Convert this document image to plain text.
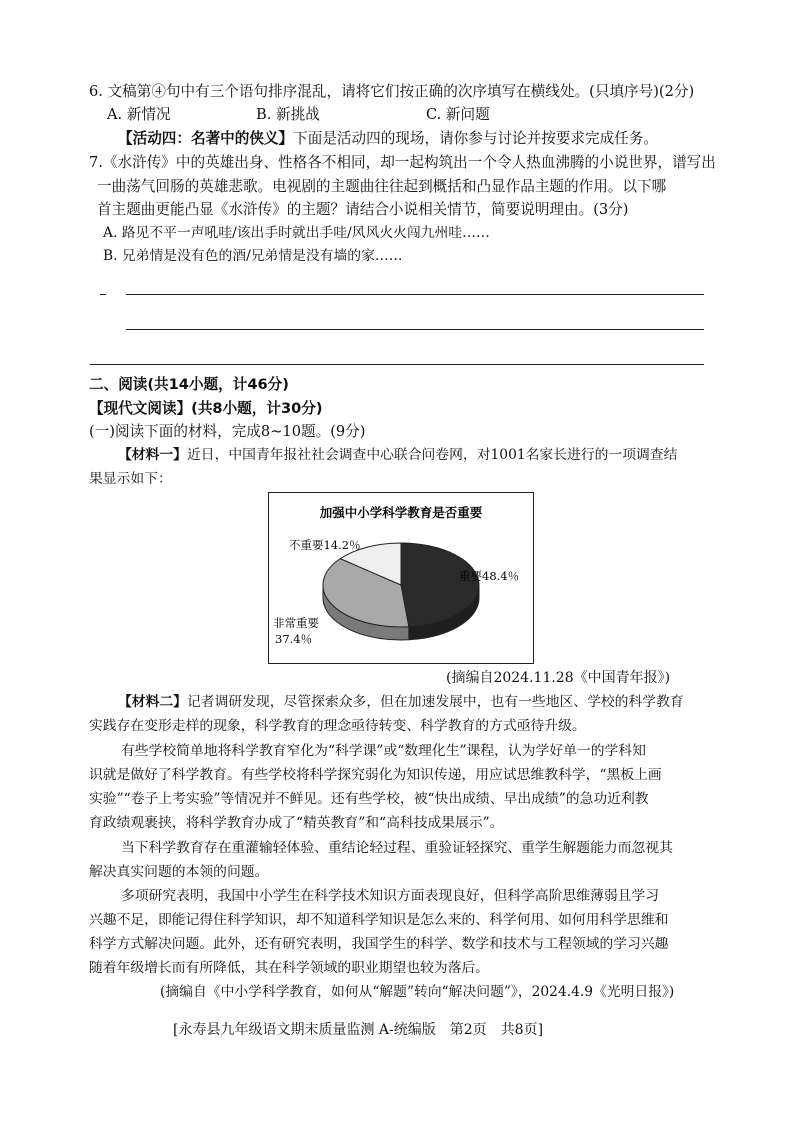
6. 文稿第④句中有三个语句排序混乱，请将它们按正确的次序填写在横线处。(只填序号)(2分)
A. 新情况	B. 新挑战	C. 新问题
【活动四：名著中的侠义】下面是活动四的现场，请你参与讨论并按要求完成任务。
7.《水浒传》中的英雄出身、性格各不相同，却一起构筑出一个令人热血沸腾的小说世界，谱写出
一曲荡气回肠的英雄悲歌。电视剧的主题曲往往起到概括和凸显作品主题的作用。以下哪
首主题曲更能凸显《水浒传》的主题？请结合小说相关情节，简要说明理由。(3分)
A. 路见不平一声吼哇/该出手时就出手哇/风风火火闯九州哇……
B. 兄弟情是没有色的酒/兄弟情是没有墙的家……
二、阅读(共14小题，计46分)
【现代文阅读】(共8小题，计30分)
(一)阅读下面的材料，完成8~10题。(9分)
【材料一】近日，中国青年报社社会调查中心联合问卷网，对1001名家长进行的一项调查结
果显示如下：
加强中小学科学教育是否重要
不重要14.2％
重要48.4％
非常重要
37.4％
(摘编自2024.11.28《中国青年报》)
【材料二】记者调研发现，尽管探索众多，但在加速发展中，也有一些地区、学校的科学教育
实践存在变形走样的现象，科学教育的理念亟待转变、科学教育的方式亟待升级。
有些学校简单地将科学教育窄化为“科学课”或“数理化生”课程，认为学好单一的学科知
识就是做好了科学教育。有些学校将科学探究弱化为知识传递，用应试思维教科学，“黑板上画
实验”“卷子上考实验”等情况并不鲜见。还有些学校，被“快出成绩、早出成绩”的急功近利教
育政绩观裹挟，将科学教育办成了“精英教育”和“高科技成果展示”。
当下科学教育存在重灌输轻体验、重结论轻过程、重验证轻探究、重学生解题能力而忽视其
解决真实问题的本领的问题。
多项研究表明，我国中小学生在科学技术知识方面表现良好，但科学高阶思维薄弱且学习
兴趣不足，即能记得住科学知识，却不知道科学知识是怎么来的、科学何用、如何用科学思维和
科学方式解决问题。此外，还有研究表明，我国学生的科学、数学和技术与工程领域的学习兴趣
随着年级增长而有所降低，其在科学领域的职业期望也较为落后。
(摘编自《中小学科学教育，如何从“解题”转向“解决问题”》，2024.4.9《光明日报》)
[永寿县九年级语文期末质量监测 A-统编版　第2页　共8页]
